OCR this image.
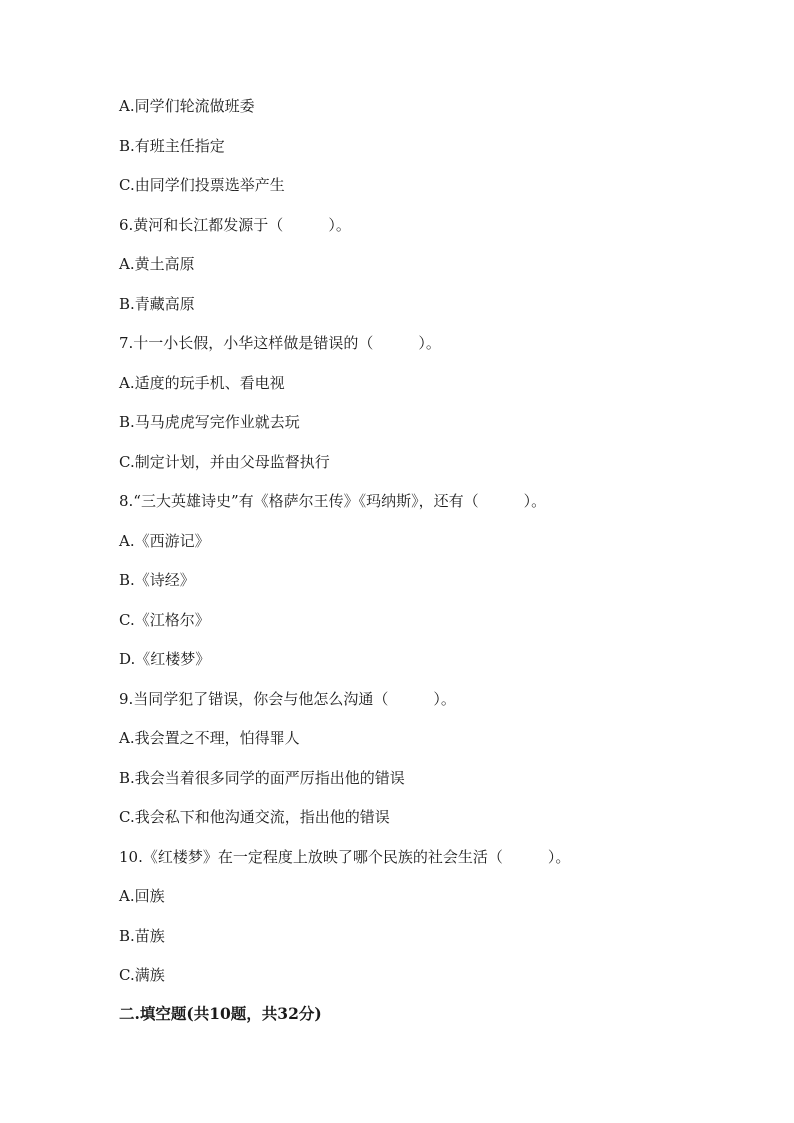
A.同学们轮流做班委
B.有班主任指定
C.由同学们投票选举产生
6.黄河和长江都发源于（　　　）。
A.黄土高原
B.青藏高原
7.十一小长假，小华这样做是错误的（　　　）。
A.适度的玩手机、看电视
B.马马虎虎写完作业就去玩
C.制定计划，并由父母监督执行
8.“三大英雄诗史”有《格萨尔王传》《玛纳斯》，还有（　　　）。
A.《西游记》
B.《诗经》
C.《江格尔》
D.《红楼梦》
9.当同学犯了错误，你会与他怎么沟通（　　　）。
A.我会置之不理，怕得罪人
B.我会当着很多同学的面严厉指出他的错误
C.我会私下和他沟通交流，指出他的错误
10.《红楼梦》在一定程度上放映了哪个民族的社会生活（　　　）。
A.回族
B.苗族
C.满族
二.填空题(共10题，共32分)
